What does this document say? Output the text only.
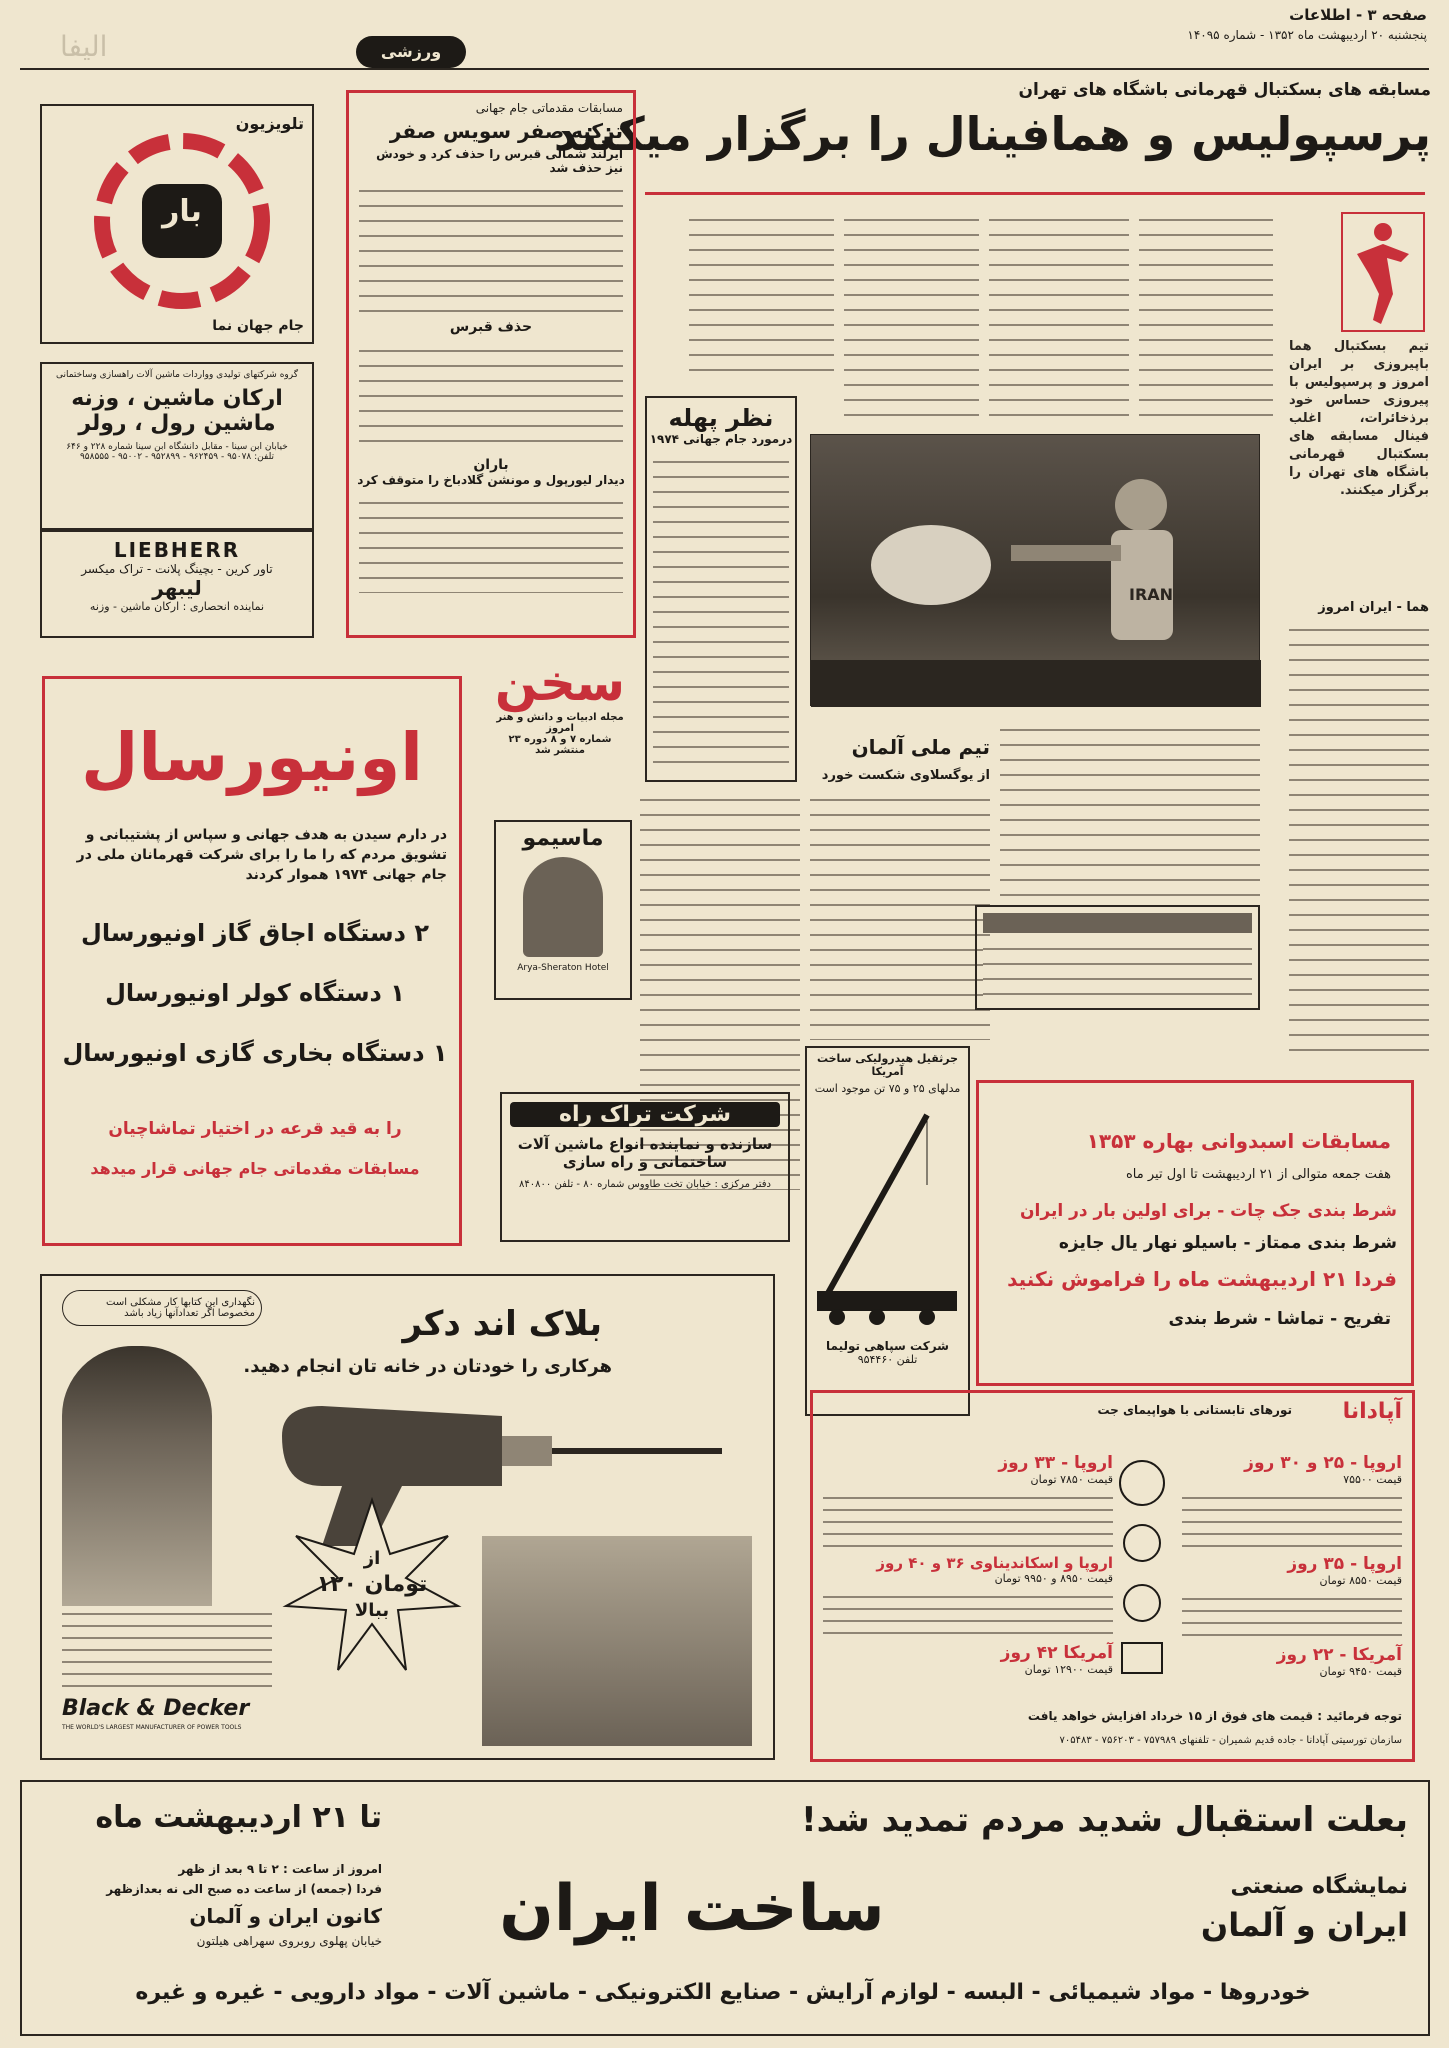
صفحه ۳ - اطلاعات
پنجشنبه ۲۰ اردیبهشت ماه ۱۳۵۲ - شماره ۱۴۰۹۵
الیفا	ورزشی
مسابقه های بسکتبال قهرمانی باشگاه های تهران
پرسپولیس و همافینال را برگزار میکنند
تیم بسکتبال هما باپیروزی بر ایران امروز و پرسپولیس با پیروزی حساس خود برذخائرات، اغلب فینال مسابقه های بسکتبال قهرمانی باشگاه های تهران را برگزار میکنند.
هما - ایران امروز
IRAN
نظر پهله
درمورد جام جهانی ۱۹۷۴
تیم ملی آلمان
از یوگسلاوی شکست خورد
مسابقات مقدماتی جام جهانی
ترکیه صفر سویس صفر
ایرلند شمالی قبرس را حذف کرد و خودش نیز حذف شد
حذف قبرس
باران
دیدار لیورپول و مونشن گلادباخ را متوقف کرد
تلویزیون
بار
جام جهان نما
گروه شرکتهای تولیدی وواردات ماشین آلات راهسازی وساختمانی
ارکان ماشین ، وزنه
ماشین رول ، رولر
خیابان ابن سینا - مقابل دانشگاه ابن سینا شماره ۲۲۸ و ۶۴۶
تلفن: ۹۵۰۷۸ - ۹۶۲۴۵۹ - ۹۵۲۸۹۹ - ۹۵۰۰۲ - ۹۵۸۵۵۵
LIEBHERR
تاور کرین - بچینگ پلانت - تراک میکسر
لیبهر
نماینده انحصاری : ارکان ماشین - وزنه
اونیورسال
در دارم سیدن به هدف جهانی و سپاس از پشتیبانی و تشویق مردم که را ما را برای شرکت قهرمانان ملی در جام جهانی ۱۹۷۴ هموار کردند
۲ دستگاه اجاق گاز اونیورسال
۱ دستگاه کولر اونیورسال
۱ دستگاه بخاری گازی اونیورسال
را به قید قرعه در اختیار تماشاچیان
مسابقات مقدماتی جام جهانی قرار میدهد
سخن
مجله ادبیات و دانش و هنر امروز
شماره ۷ و ۸ دوره ۲۳
منتشر شد
ماسیمو
Arya-Sheraton Hotel
شرکت تراک راه
سازنده و نماینده انواع ماشین آلات
ساختمانی و راه سازی
دفتر مرکزی : خیابان تخت طاووس شماره ۸۰ - تلفن ۸۴۰۸۰۰
جرثقیل هیدرولیکی ساخت آمریکا
مدلهای ۲۵ و ۷۵ تن موجود است
شرکت سپاهی تولیما
تلفن ۹۵۴۴۶۰
مسابقات اسبدوانی بهاره ۱۳۵۳
هفت جمعه متوالی از ۲۱ اردیبهشت تا اول تیر ماه
شرط بندی جک چات - برای اولین بار در ایران
شرط بندی ممتاز - باسیلو نهار یال جایزه
فردا ۲۱ اردیبهشت ماه را فراموش نکنید
تفریح - تماشا - شرط بندی
بلاک اند دکر
هرکاری را خودتان در خانه تان انجام دهید.
نگهداری این کتابها کار مشکلی است مخصوصا اگر تعدادآنها زیاد باشد
از
۱۲۰ تومان
ببالا
Black & Decker
THE WORLD'S LARGEST MANUFACTURER OF POWER TOOLS
آپادانا
تورهای تابستانی با هواپیمای جت
اروپا - ۲۵ و ۳۰ روز
قیمت ۷۵۵۰۰
اروپا - ۳۵ روز
قیمت ۸۵۵۰ تومان
آمریکا - ۲۲ روز
قیمت ۹۴۵۰ تومان
اروپا - ۳۳ روز
قیمت ۷۸۵۰ تومان
اروپا و اسکاندیناوی ۳۶ و ۴۰ روز
قیمت ۸۹۵۰ و ۹۹۵۰ تومان
آمریکا ۴۲ روز
قیمت ۱۲۹۰۰ تومان
توجه فرمائید : قیمت های فوق از ۱۵ خرداد افزایش خواهد یافت
سازمان تورسیتی آپادانا - جاده قدیم شمیران - تلفنهای ۷۵۷۹۸۹ - ۷۵۶۲۰۳ - ۷۰۵۴۸۳
بعلت استقبال شدید مردم تمدید شد!
تا ۲۱ اردیبهشت ماه
امروز از ساعت : ۲ تا ۹ بعد از ظهر
فردا (جمعه) از ساعت ده صبح الی نه بعدازظهر
کانون ایران و آلمان
خیابان پهلوی روبروی سهراهی هیلتون
نمایشگاه صنعتی
ایران و آلمان
ساخت ایران
خودروها - مواد شیمیائی - البسه - لوازم آرایش - صنایع الکترونیکی - ماشین آلات - مواد دارویی - غیره و غیره
